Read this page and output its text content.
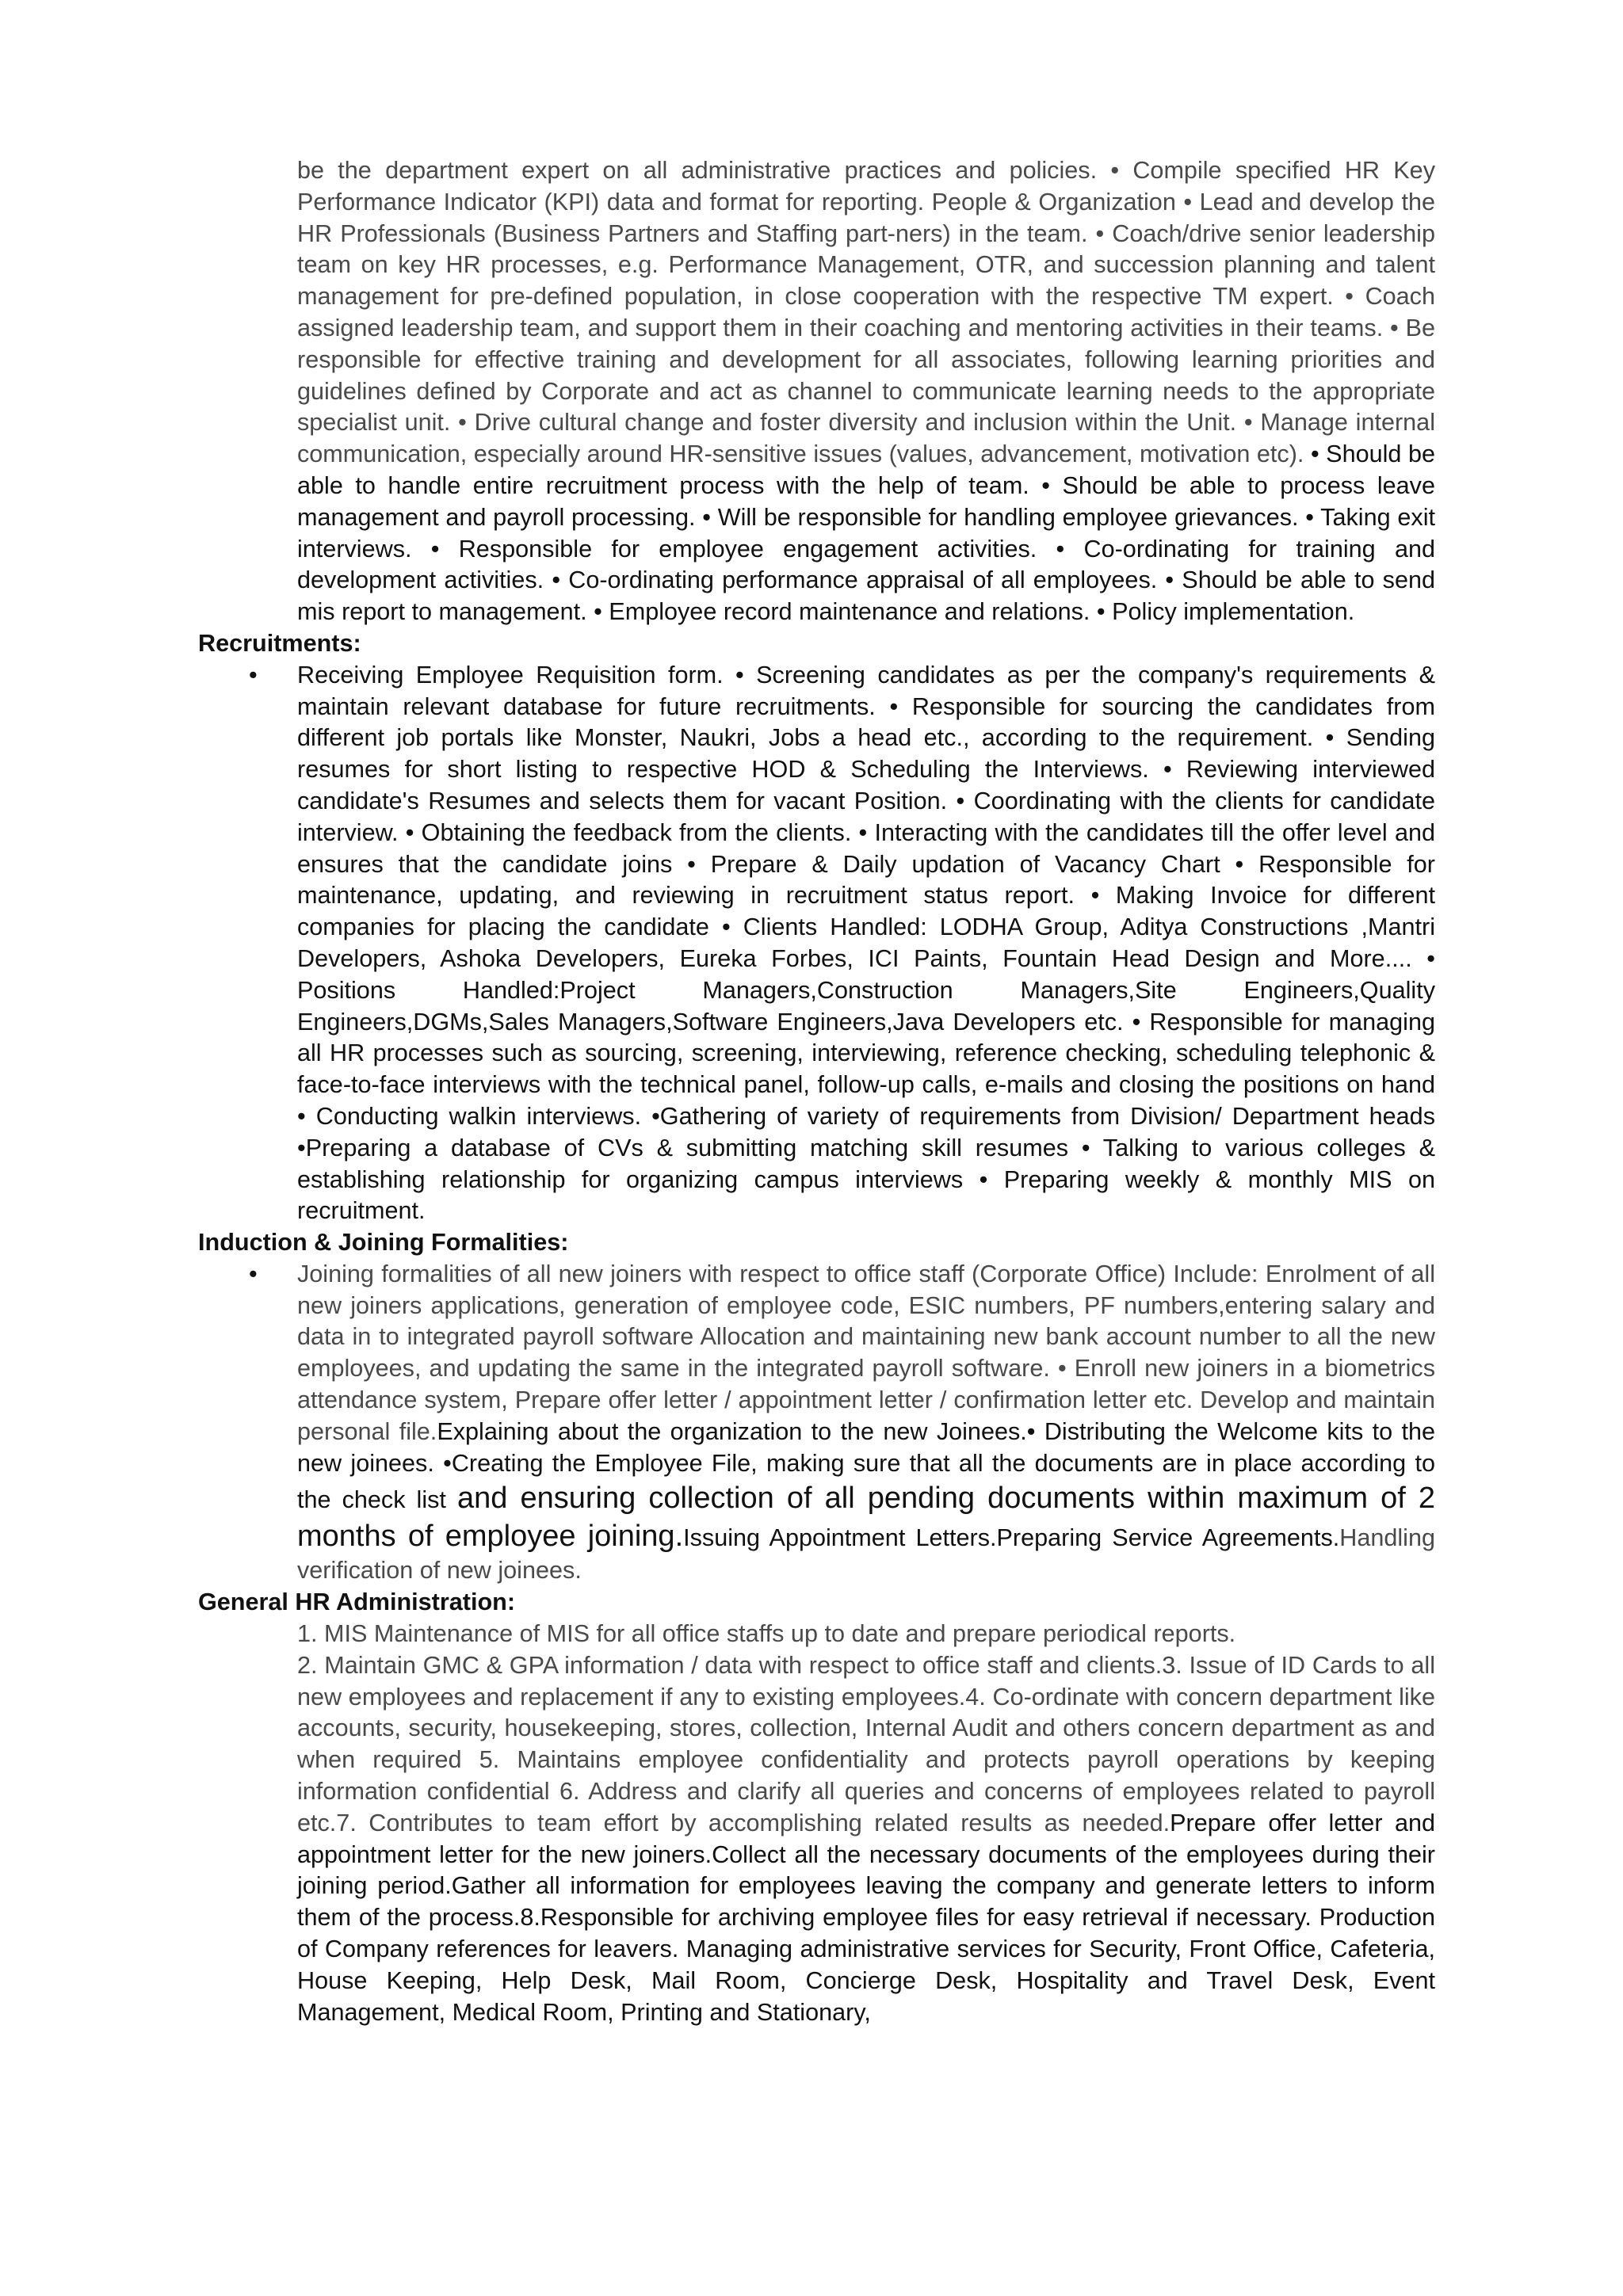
be the department expert on all administrative practices and policies. • Compile specified HR Key Performance Indicator (KPI) data and format for reporting. People & Organization • Lead and develop the HR Professionals (Business Partners and Staffing part-ners) in the team. • Coach/drive senior leadership team on key HR processes, e.g. Performance Management, OTR, and succession planning and talent management for pre-defined population, in close cooperation with the respective TM expert. • Coach assigned leadership team, and support them in their coaching and mentoring activities in their teams. • Be responsible for effective training and development for all associates, following learning priorities and guidelines defined by Corporate and act as channel to communicate learning needs to the appropriate specialist unit. • Drive cultural change and foster diversity and inclusion within the Unit. • Manage internal communication, especially around HR-sensitive issues (values, advancement, motivation etc). • Should be able to handle entire recruitment process with the help of team. • Should be able to process leave management and payroll processing. • Will be responsible for handling employee grievances. • Taking exit interviews. • Responsible for employee engagement activities. • Co-ordinating for training and development activities. • Co-ordinating performance appraisal of all employees. • Should be able to send mis report to management. • Employee record maintenance and relations. • Policy implementation.

Recruitments:
• Receiving Employee Requisition form. • Screening candidates as per the company's requirements & maintain relevant database for future recruitments. • Responsible for sourcing the candidates from different job portals like Monster, Naukri, Jobs a head etc., according to the requirement. • Sending resumes for short listing to respective HOD & Scheduling the Interviews. • Reviewing interviewed candidate's Resumes and selects them for vacant Position. • Coordinating with the clients for candidate interview. • Obtaining the feedback from the clients. • Interacting with the candidates till the offer level and ensures that the candidate joins • Prepare & Daily updation of Vacancy Chart • Responsible for maintenance, updating, and reviewing in recruitment status report. • Making Invoice for different companies for placing the candidate • Clients Handled: LODHA Group, Aditya Constructions ,Mantri Developers, Ashoka Developers, Eureka Forbes, ICI Paints, Fountain Head Design and More.... • Positions Handled:Project Managers,Construction Managers,Site Engineers,Quality Engineers,DGMs,Sales Managers,Software Engineers,Java Developers etc. • Responsible for managing all HR processes such as sourcing, screening, interviewing, reference checking, scheduling telephonic & face-to-face interviews with the technical panel, follow-up calls, e-mails and closing the positions on hand • Conducting walkin interviews. •Gathering of variety of requirements from Division/ Department heads •Preparing a database of CVs & submitting matching skill resumes • Talking to various colleges & establishing relationship for organizing campus interviews • Preparing weekly & monthly MIS on recruitment.

Induction & Joining Formalities:
• Joining formalities of all new joiners with respect to office staff (Corporate Office) Include: Enrolment of all new joiners applications, generation of employee code, ESIC numbers, PF numbers,entering salary and data in to integrated payroll software Allocation and maintaining new bank account number to all the new employees, and updating the same in the integrated payroll software. • Enroll new joiners in a biometrics attendance system, Prepare offer letter / appointment letter / confirmation letter etc. Develop and maintain personal file.Explaining about the organization to the new Joinees.• Distributing the Welcome kits to the new joinees. •Creating the Employee File, making sure that all the documents are in place according to the check list and ensuring collection of all pending documents within maximum of 2 months of employee joining.Issuing Appointment Letters.Preparing Service Agreements.Handling verification of new joinees.

General HR Administration:

1. MIS Maintenance of MIS for all office staffs up to date and prepare periodical reports.

2. Maintain GMC & GPA information / data with respect to office staff and clients.3. Issue of ID Cards to all new employees and replacement if any to existing employees.4. Co-ordinate with concern department like accounts, security, housekeeping, stores, collection, Internal Audit and others concern department as and when required 5. Maintains employee confidentiality and protects payroll operations by keeping information confidential 6. Address and clarify all queries and concerns of employees related to payroll etc.7. Contributes to team effort by accomplishing related results as needed.Prepare offer letter and appointment letter for the new joiners.Collect all the necessary documents of the employees during their joining period.Gather all information for employees leaving the company and generate letters to inform them of the process.8.Responsible for archiving employee files for easy retrieval if necessary. Production of Company references for leavers. Managing administrative services for Security, Front Office, Cafeteria, House Keeping, Help Desk, Mail Room, Concierge Desk, Hospitality and Travel Desk, Event Management, Medical Room, Printing and Stationary,
